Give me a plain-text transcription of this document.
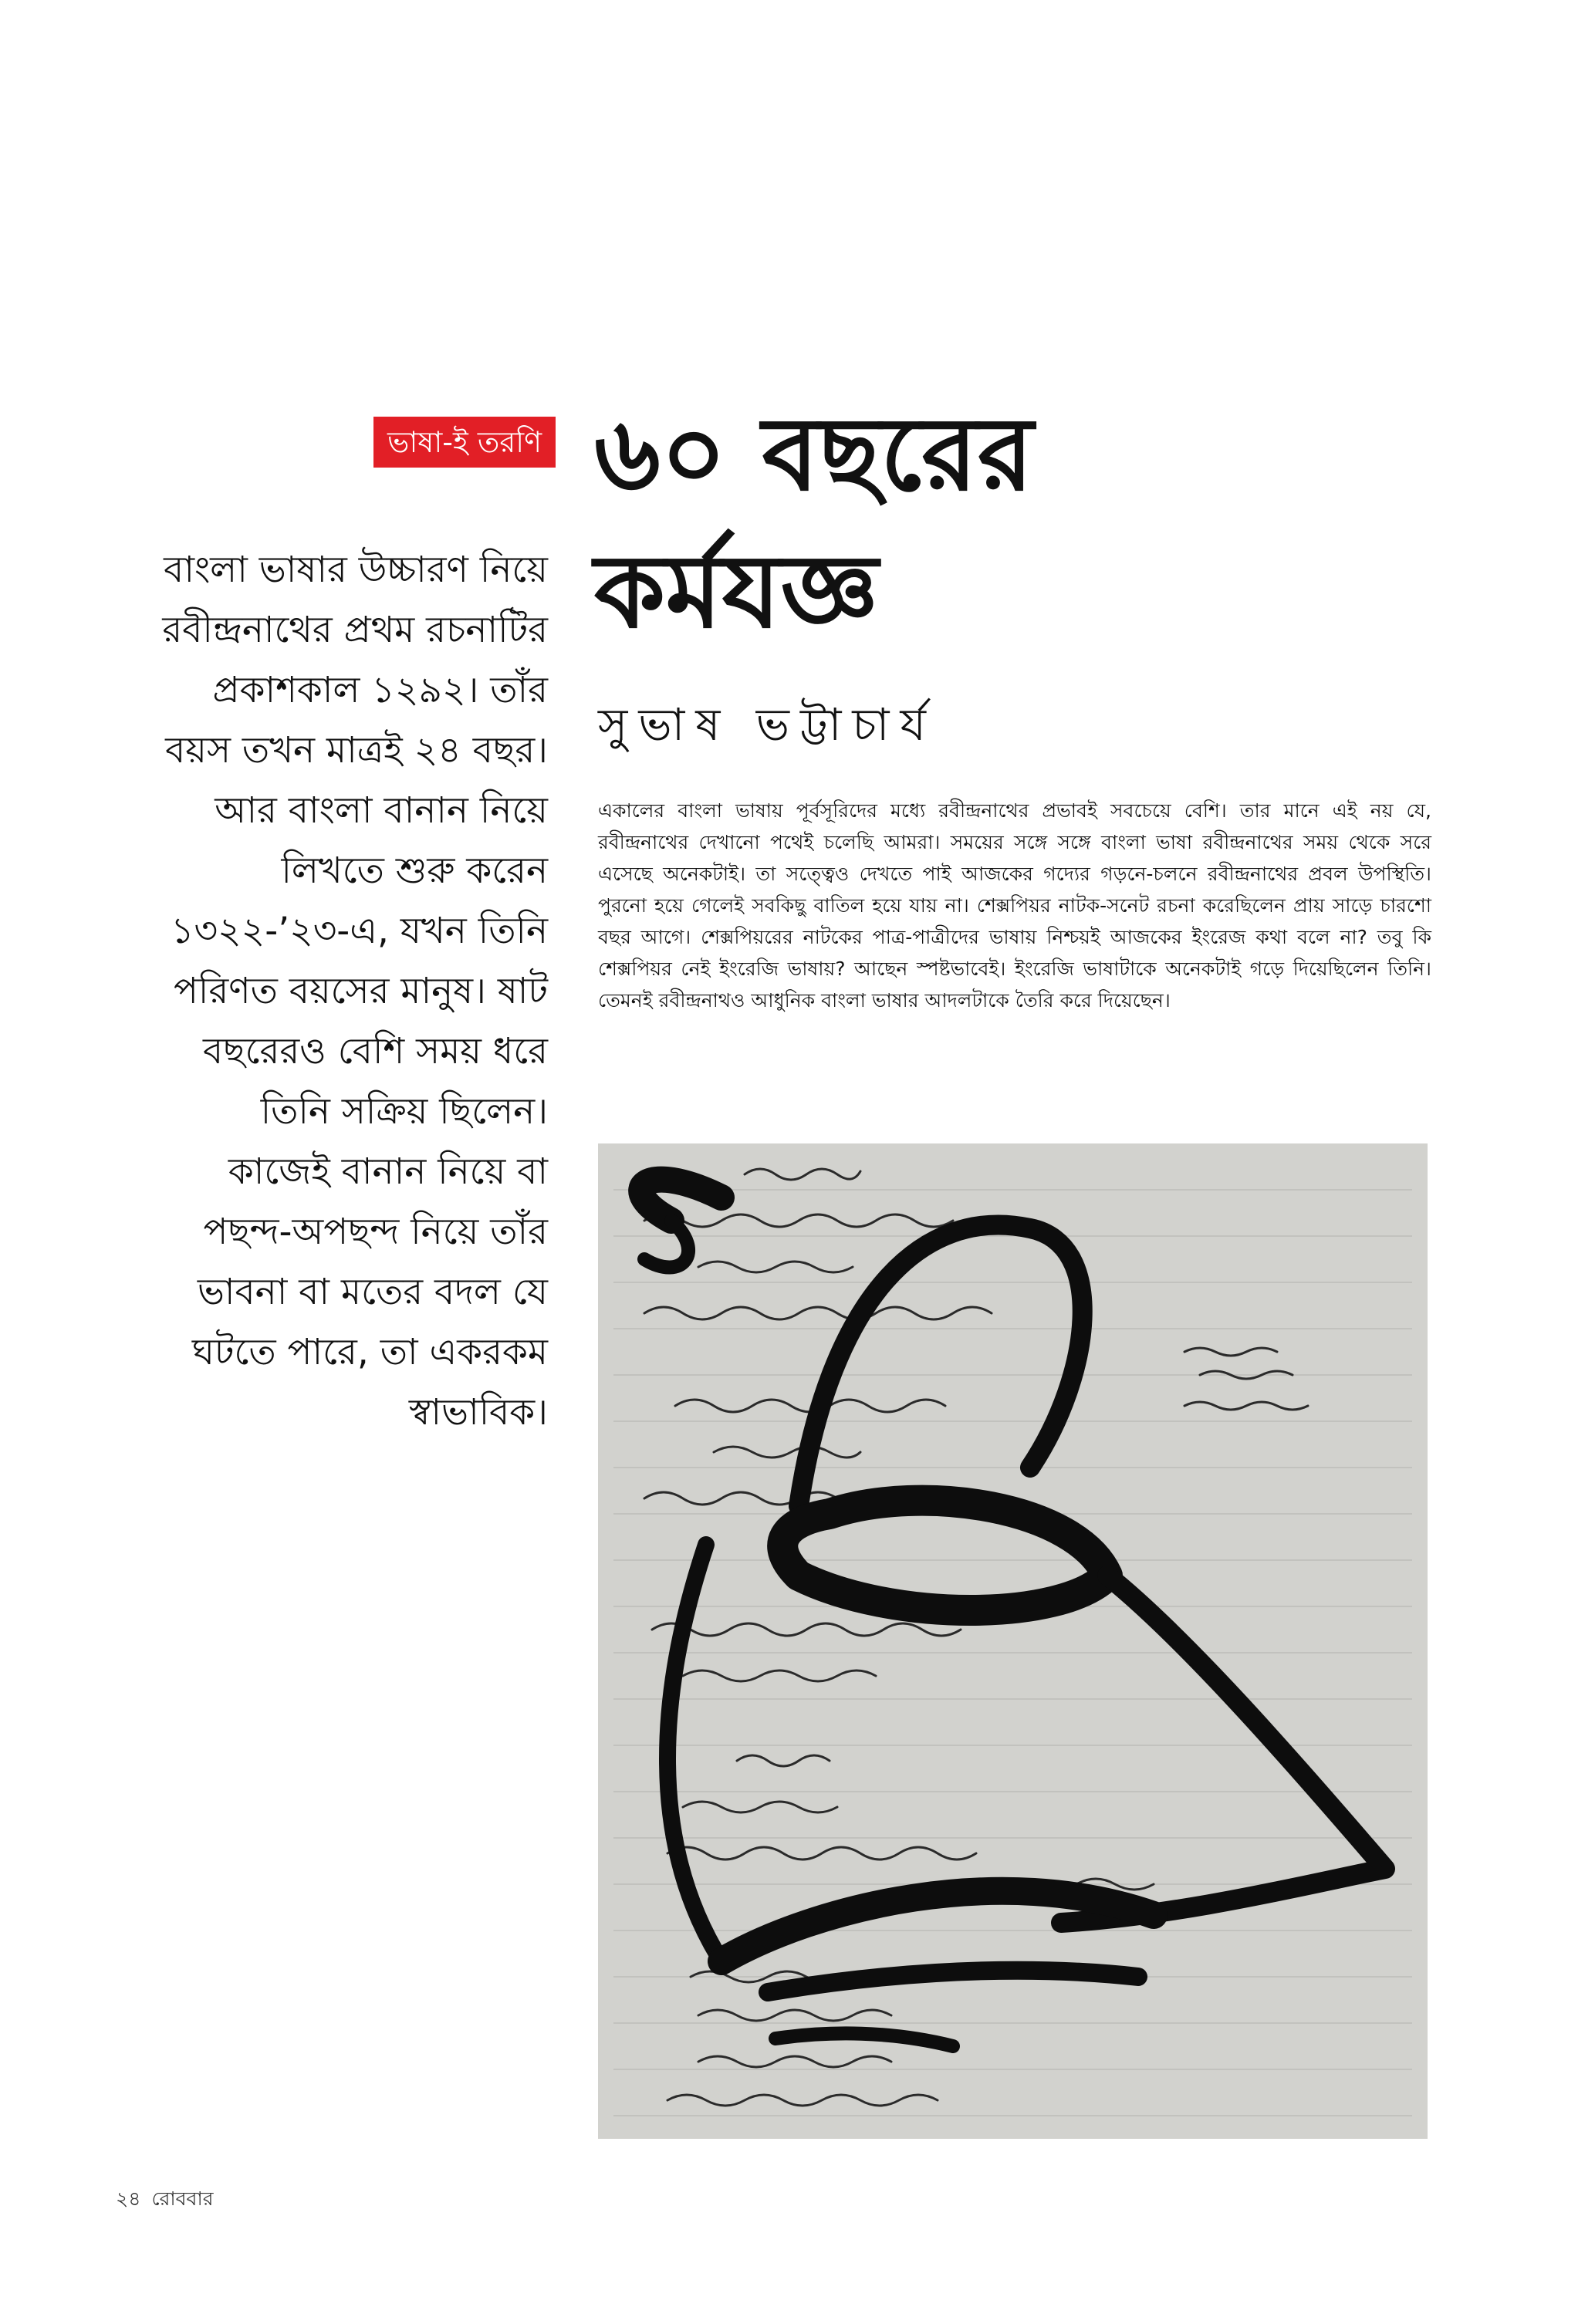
ভাষা-ই তরণি ৬০ বছরের
কর্মযজ্ঞ
সুভাষ ভট্টাচার্য
বাংলা ভাষার উচ্চারণ নিয়ে রবীন্দ্রনাথের প্রথম রচনাটির প্রকাশকাল ১২৯২। তাঁর বয়স তখন মাত্রই ২৪ বছর। আর বাংলা বানান নিয়ে লিখতে শুরু করেন ১৩২২-’২৩-এ, যখন তিনি পরিণত বয়সের মানুষ। ষাট বছরেরও বেশি সময় ধরে তিনি সক্রিয় ছিলেন। কাজেই বানান নিয়ে বা পছন্দ-অপছন্দ নিয়ে তাঁর ভাবনা বা মতের বদল যে ঘটতে পারে, তা একরকম স্বাভাবিক।
একালের বাংলা ভাষায় পূর্বসূরিদের মধ্যে রবীন্দ্রনাথের প্রভাবই সবচেয়ে বেশি। তার মানে এই নয় যে, রবীন্দ্রনাথের দেখানো পথেই চলেছি আমরা। সময়ের সঙ্গে সঙ্গে বাংলা ভাষা রবীন্দ্রনাথের সময় থেকে সরে এসেছে অনেকটাই। তা সত্ত্বেও দেখতে পাই আজকের গদ্যের গড়নে-চলনে রবীন্দ্রনাথের প্রবল উপস্থিতি। পুরনো হয়ে গেলেই সবকিছু বাতিল হয়ে যায় না। শেক্সপিয়র নাটক-সনেট রচনা করেছিলেন প্রায় সাড়ে চারশো বছর আগে। শেক্সপিয়রের নাটকের পাত্র-পাত্রীদের ভাষায় নিশ্চয়ই আজকের ইংরেজ কথা বলে না? তবু কি শেক্সপিয়র নেই ইংরেজি ভাষায়? আছেন স্পষ্টভাবেই। ইংরেজি ভাষাটাকে অনেকটাই গড়ে দিয়েছিলেন তিনি। তেমনই রবীন্দ্রনাথও আধুনিক বাংলা ভাষার আদলটাকে তৈরি করে দিয়েছেন।
২৪ রোববার
